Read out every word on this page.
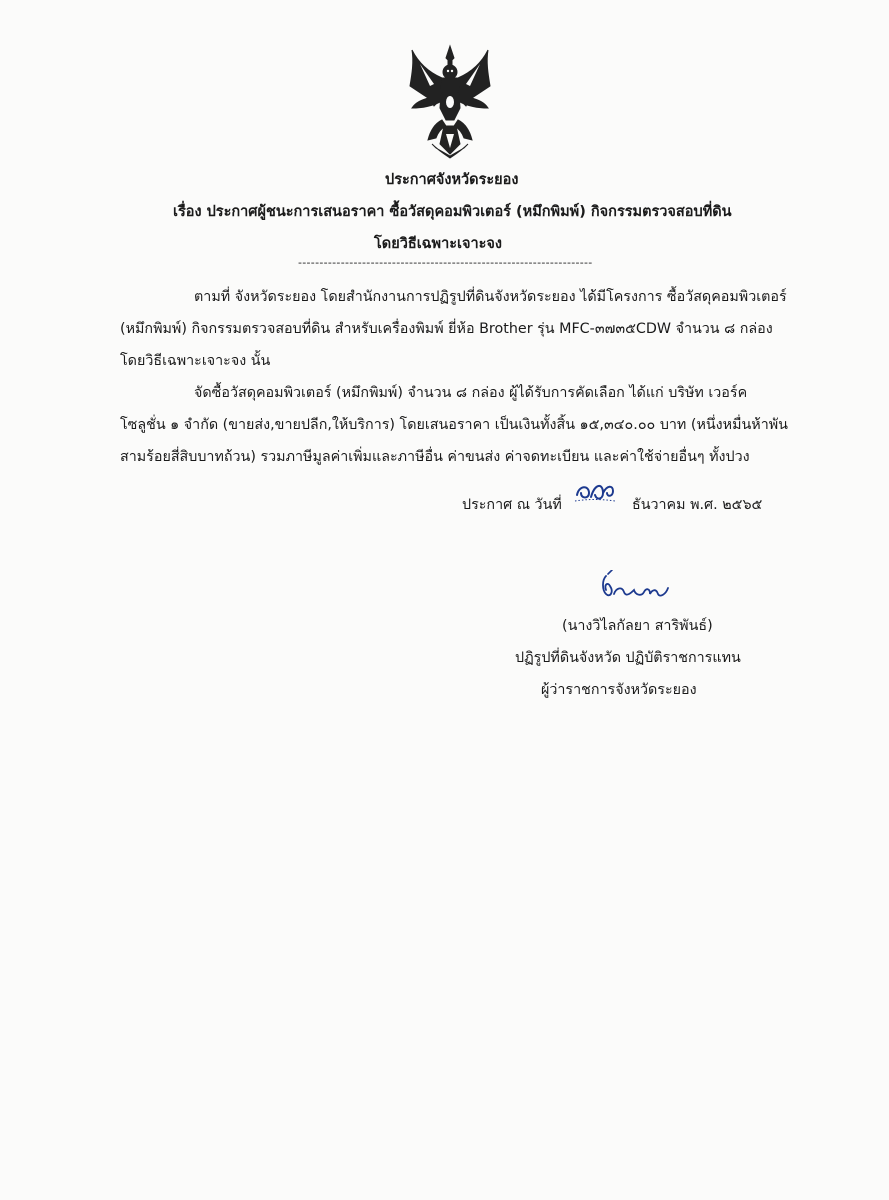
ประกาศจังหวัดระยอง
เรื่อง ประกาศผู้ชนะการเสนอราคา ซื้อวัสดุคอมพิวเตอร์ (หมึกพิมพ์) กิจกรรมตรวจสอบที่ดิน
โดยวิธีเฉพาะเจาะจง
---------------------------------------------------------------------
ตามที่ จังหวัดระยอง โดยสำนักงานการปฏิรูปที่ดินจังหวัดระยอง ได้มีโครงการ ซื้อวัสดุคอมพิวเตอร์
(หมึกพิมพ์) กิจกรรมตรวจสอบที่ดิน สำหรับเครื่องพิมพ์ ยี่ห้อ Brother รุ่น MFC-๓๗๓๕CDW จำนวน ๘ กล่อง
โดยวิธีเฉพาะเจาะจง นั้น
จัดซื้อวัสดุคอมพิวเตอร์ (หมึกพิมพ์) จำนวน ๘ กล่อง ผู้ได้รับการคัดเลือก ได้แก่ บริษัท เวอร์ค
โซลูชั่น ๑ จำกัด (ขายส่ง,ขายปลีก,ให้บริการ) โดยเสนอราคา เป็นเงินทั้งสิ้น ๑๕,๓๔๐.๐๐ บาท (หนึ่งหมื่นห้าพัน
สามร้อยสี่สิบบาทถ้วน) รวมภาษีมูลค่าเพิ่มและภาษีอื่น ค่าขนส่ง ค่าจดทะเบียน และค่าใช้จ่ายอื่นๆ ทั้งปวง
ประกาศ ณ วันที่
๒๕
ธันวาคม พ.ศ. ๒๕๖๕
(นางวิไลกัลยา สาริพันธ์)
ปฏิรูปที่ดินจังหวัด ปฏิบัติราชการแทน
ผู้ว่าราชการจังหวัดระยอง
